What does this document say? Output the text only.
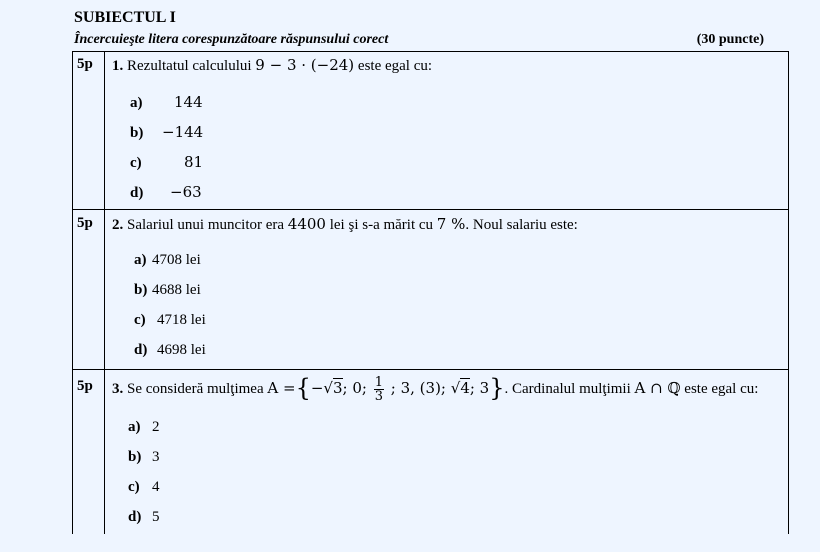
SUBIECTUL I
Încercuieşte litera corespunzătoare răspunsului corect	(30 puncte)
5p 1. Rezultatul calculului 9 − 3 · (−24) este egal cu:
a) 144
b) −144
c)	81
d) −63
5p 2. Salariul unui muncitor era 4400 lei şi s-a mărit cu 7 %. Noul salariu este:
a) 4708 lei
b) 4688 lei
c) 4718 lei
d) 4698 lei
5p 3. Se consideră mulţimea A ={−√3; 0; $\frac{1}{3}$ ; 3, (3); √4; 3}. Cardinalul mulţimii A ∩ ℚ este egal cu:
a) 2
b) 3
c) 4
d) 5
